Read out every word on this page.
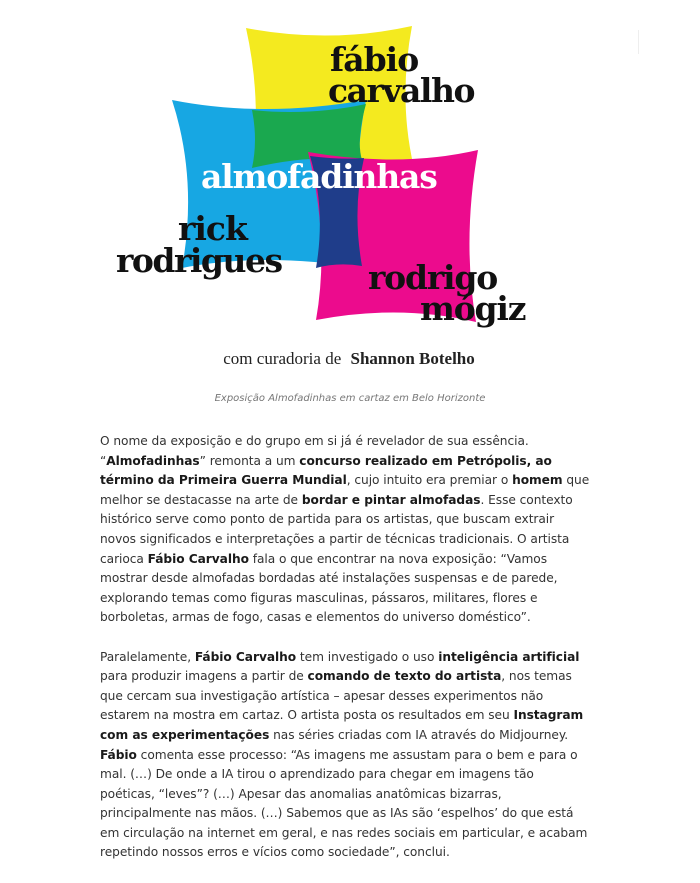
fábio
carvalho
almofadinhas
rick
rodrigues	rodrigo
mógiz
com curadoria de Shannon Botelho
Exposição Almofadinhas em cartaz em Belo Horizonte

O nome da exposição e do grupo em si já é revelador de sua essência. “Almofadinhas” remonta a um concurso realizado em Petrópolis, ao término da Primeira Guerra Mundial, cujo intuito era premiar o homem que melhor se destacasse na arte de bordar e pintar almofadas. Esse contexto histórico serve como ponto de partida para os artistas, que buscam extrair novos significados e interpretações a partir de técnicas tradicionais. O artista carioca Fábio Carvalho fala o que encontrar na nova exposição: “Vamos mostrar desde almofadas bordadas até instalações suspensas e de parede, explorando temas como figuras masculinas, pássaros, militares, flores e borboletas, armas de fogo, casas e elementos do universo doméstico”.

Paralelamente, Fábio Carvalho tem investigado o uso inteligência artificial para produzir imagens a partir de comando de texto do artista, nos temas que cercam sua investigação artística – apesar desses experimentos não estarem na mostra em cartaz. O artista posta os resultados em seu Instagram com as experimentações nas séries criadas com IA através do Midjourney. Fábio comenta esse processo: “As imagens me assustam para o bem e para o mal. (…) De onde a IA tirou o aprendizado para chegar em imagens tão poéticas, “leves”? (…) Apesar das anomalias anatômicas bizarras, principalmente nas mãos. (…) Sabemos que as IAs são ‘espelhos’ do que está em circulação na internet em geral, e nas redes sociais em particular, e acabam repetindo nossos erros e vícios como sociedade”, conclui.
